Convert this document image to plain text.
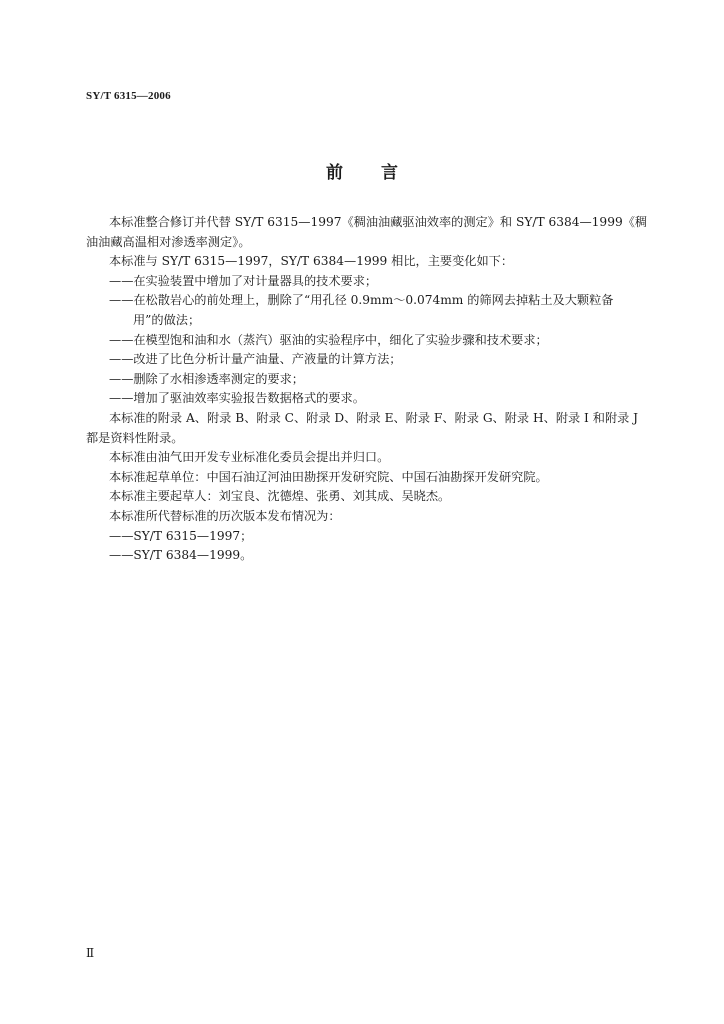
SY/T 6315—2006
前言

本标准整合修订并代替 SY/T 6315—1997《稠油油藏驱油效率的测定》和 SY/T 6384—1999《稠油油藏高温相对渗透率测定》。

本标准与 SY/T 6315—1997，SY/T 6384—1999 相比，主要变化如下：

——在实验装置中增加了对计量器具的技术要求；

——在松散岩心的前处理上，删除了“用孔径 0.9mm～0.074mm 的筛网去掉粘土及大颗粒备

用”的做法；

——在模型饱和油和水（蒸汽）驱油的实验程序中，细化了实验步骤和技术要求；

——改进了比色分析计量产油量、产液量的计算方法；

——删除了水相渗透率测定的要求；

——增加了驱油效率实验报告数据格式的要求。

本标准的附录 A、附录 B、附录 C、附录 D、附录 E、附录 F、附录 G、附录 H、附录 I 和附录 J 都是资料性附录。

本标准由油气田开发专业标准化委员会提出并归口。

本标准起草单位：中国石油辽河油田勘探开发研究院、中国石油勘探开发研究院。

本标准主要起草人：刘宝良、沈德煌、张勇、刘其成、吴晓杰。

本标准所代替标准的历次版本发布情况为：

——SY/T 6315—1997；

——SY/T 6384—1999。

Ⅱ
